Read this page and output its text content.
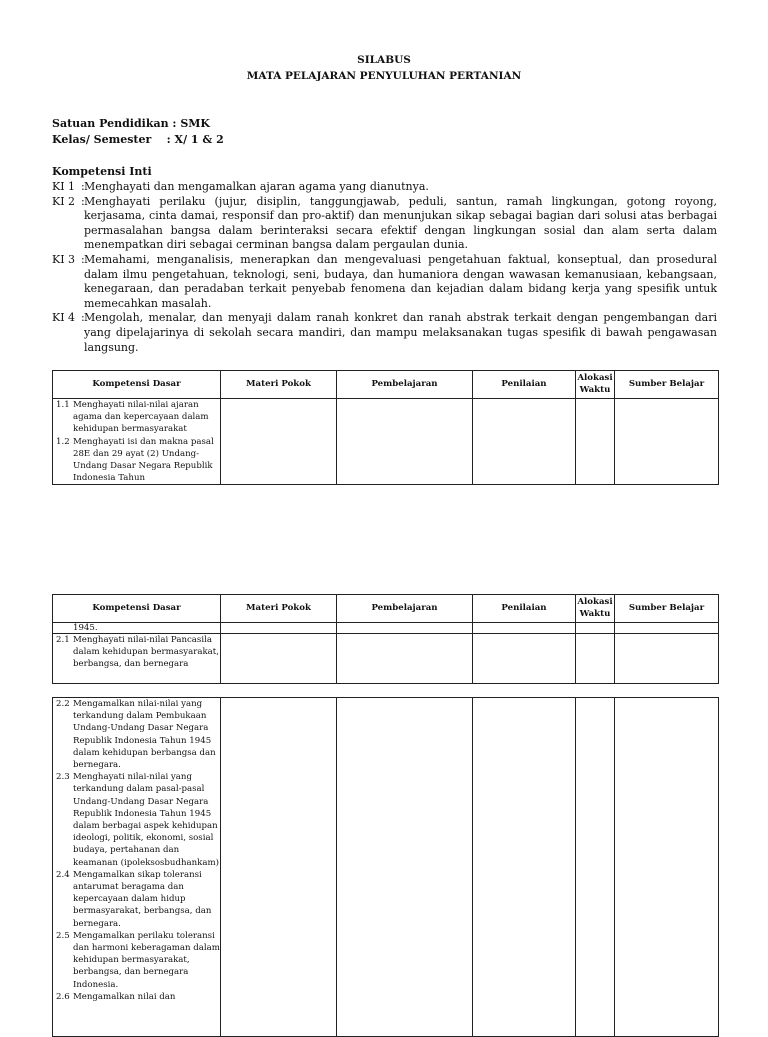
SILABUS
MATA PELAJARAN PENYULUHAN PERTANIAN
Satuan Pendidikan : SMK
Kelas/ Semester : X/ 1 & 2
Kompetensi Inti
KI 1 : Menghayati dan mengamalkan ajaran agama yang dianutnya.
KI 2 : Menghayati perilaku (jujur, disiplin, tanggungjawab, peduli, santun, ramah lingkungan, gotong royong, kerjasama, cinta damai, responsif dan pro-aktif) dan menunjukan sikap sebagai bagian dari solusi atas berbagai permasalahan bangsa dalam berinteraksi secara efektif dengan lingkungan sosial dan alam serta dalam menempatkan diri sebagai cerminan bangsa dalam pergaulan dunia.
KI 3 : Memahami, menganalisis, menerapkan dan mengevaluasi pengetahuan faktual, konseptual, dan prosedural dalam ilmu pengetahuan, teknologi, seni, budaya, dan humaniora dengan wawasan kemanusiaan, kebangsaan, kenegaraan, dan peradaban terkait penyebab fenomena dan kejadian dalam bidang kerja yang spesifik untuk memecahkan masalah.
KI 4 : Mengolah, menalar, dan menyaji dalam ranah konkret dan ranah abstrak terkait dengan pengembangan dari yang dipelajarinya di sekolah secara mandiri, dan mampu melaksanakan tugas spesifik di bawah pengawasan langsung.
Kompetensi Dasar	Materi Pokok	Pembelajaran	Penilaian	Alokasi Waktu	Sumber Belajar

1.1 Menghayati nilai-nilai ajaran agama dan kepercayaan dalam kehidupan bermasyarakat
1.2 Menghayati isi dan makna pasal 28E dan 29 ayat (2) Undang-Undang Dasar Negara Republik Indonesia Tahun					

Kompetensi Dasar	Materi Pokok	Pembelajaran	Penilaian	Alokasi Waktu	Sumber Belajar

1945.					

2.1 Menghayati nilai-nilai Pancasila dalam kehidupan bermasyarakat, berbangsa, dan bernegara					

2.2 Mengamalkan nilai-nilai yang terkandung dalam Pembukaan Undang-Undang Dasar Negara Republik Indonesia Tahun 1945 dalam kehidupan berbangsa dan bernegara.
2.3 Menghayati nilai-nilai yang terkandung dalam pasal-pasal Undang-Undang Dasar Negara Republik Indonesia Tahun 1945 dalam berbagai aspek kehidupan ideologi, politik, ekonomi, sosial budaya, pertahanan dan keamanan (ipoleksosbudhankam)
2.4 Mengamalkan sikap toleransi antarumat beragama dan kepercayaan dalam hidup bermasyarakat, berbangsa, dan bernegara.
2.5 Mengamalkan perilaku toleransi dan harmoni keberagaman dalam kehidupan bermasyarakat, berbangsa, dan bernegara Indonesia.
2.6 Mengamalkan nilai dan
